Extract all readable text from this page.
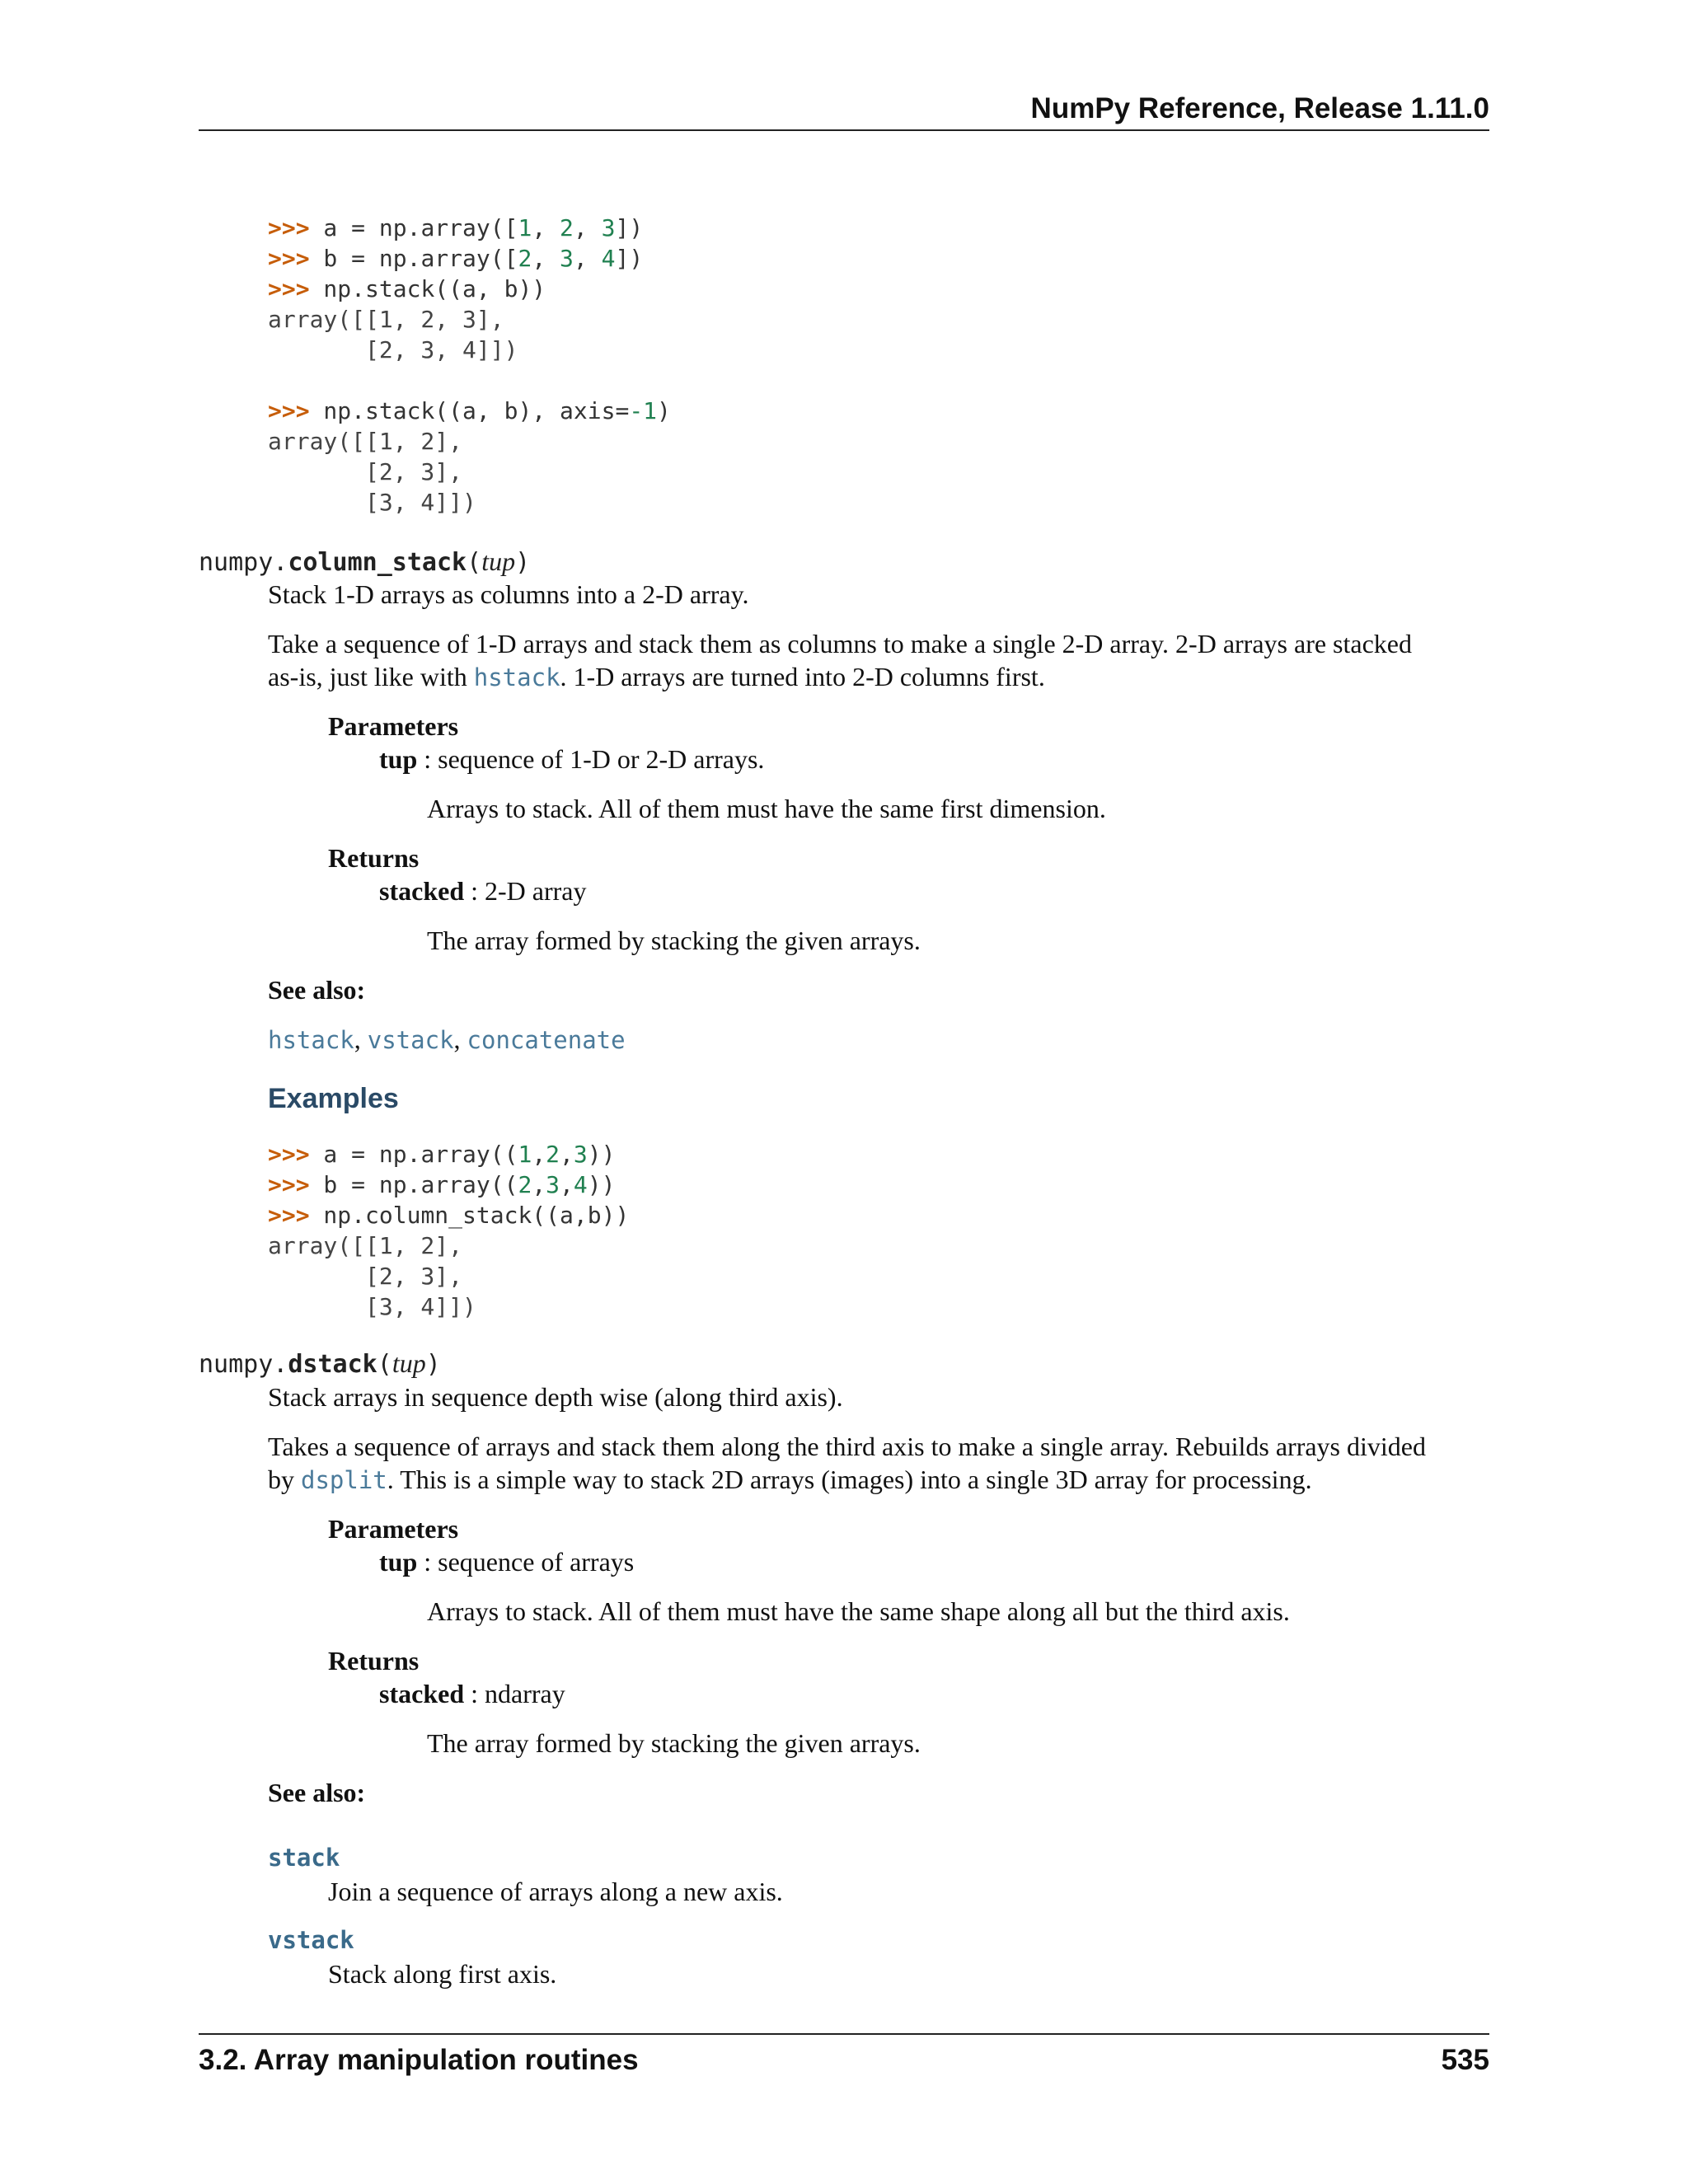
NumPy Reference, Release 1.11.0
>>> a = np.array([1, 2, 3])
>>> b = np.array([2, 3, 4])
>>> np.stack((a, b))
array([[1, 2, 3],
[2, 3, 4]])

>>> np.stack((a, b), axis=-1)
array([[1, 2],
[2, 3],
[3, 4]])
numpy.column_stack(tup)
Stack 1-D arrays as columns into a 2-D array.
Take a sequence of 1-D arrays and stack them as columns to make a single 2-D array. 2-D arrays are stacked
as-is, just like with hstack. 1-D arrays are turned into 2-D columns first.
Parameters
tup : sequence of 1-D or 2-D arrays.
Arrays to stack. All of them must have the same first dimension.
Returns
stacked : 2-D array
The array formed by stacking the given arrays.
See also:
hstack, vstack, concatenate
Examples
>>> a = np.array((1,2,3))
>>> b = np.array((2,3,4))
>>> np.column_stack((a,b))
array([[1, 2],
[2, 3],
[3, 4]])
numpy.dstack(tup)
Stack arrays in sequence depth wise (along third axis).
Takes a sequence of arrays and stack them along the third axis to make a single array. Rebuilds arrays divided
by dsplit. This is a simple way to stack 2D arrays (images) into a single 3D array for processing.
Parameters
tup : sequence of arrays
Arrays to stack. All of them must have the same shape along all but the third axis.
Returns
stacked : ndarray
The array formed by stacking the given arrays.
See also:
stack
Join a sequence of arrays along a new axis.
vstack
Stack along first axis.
3.2. Array manipulation routines	535
